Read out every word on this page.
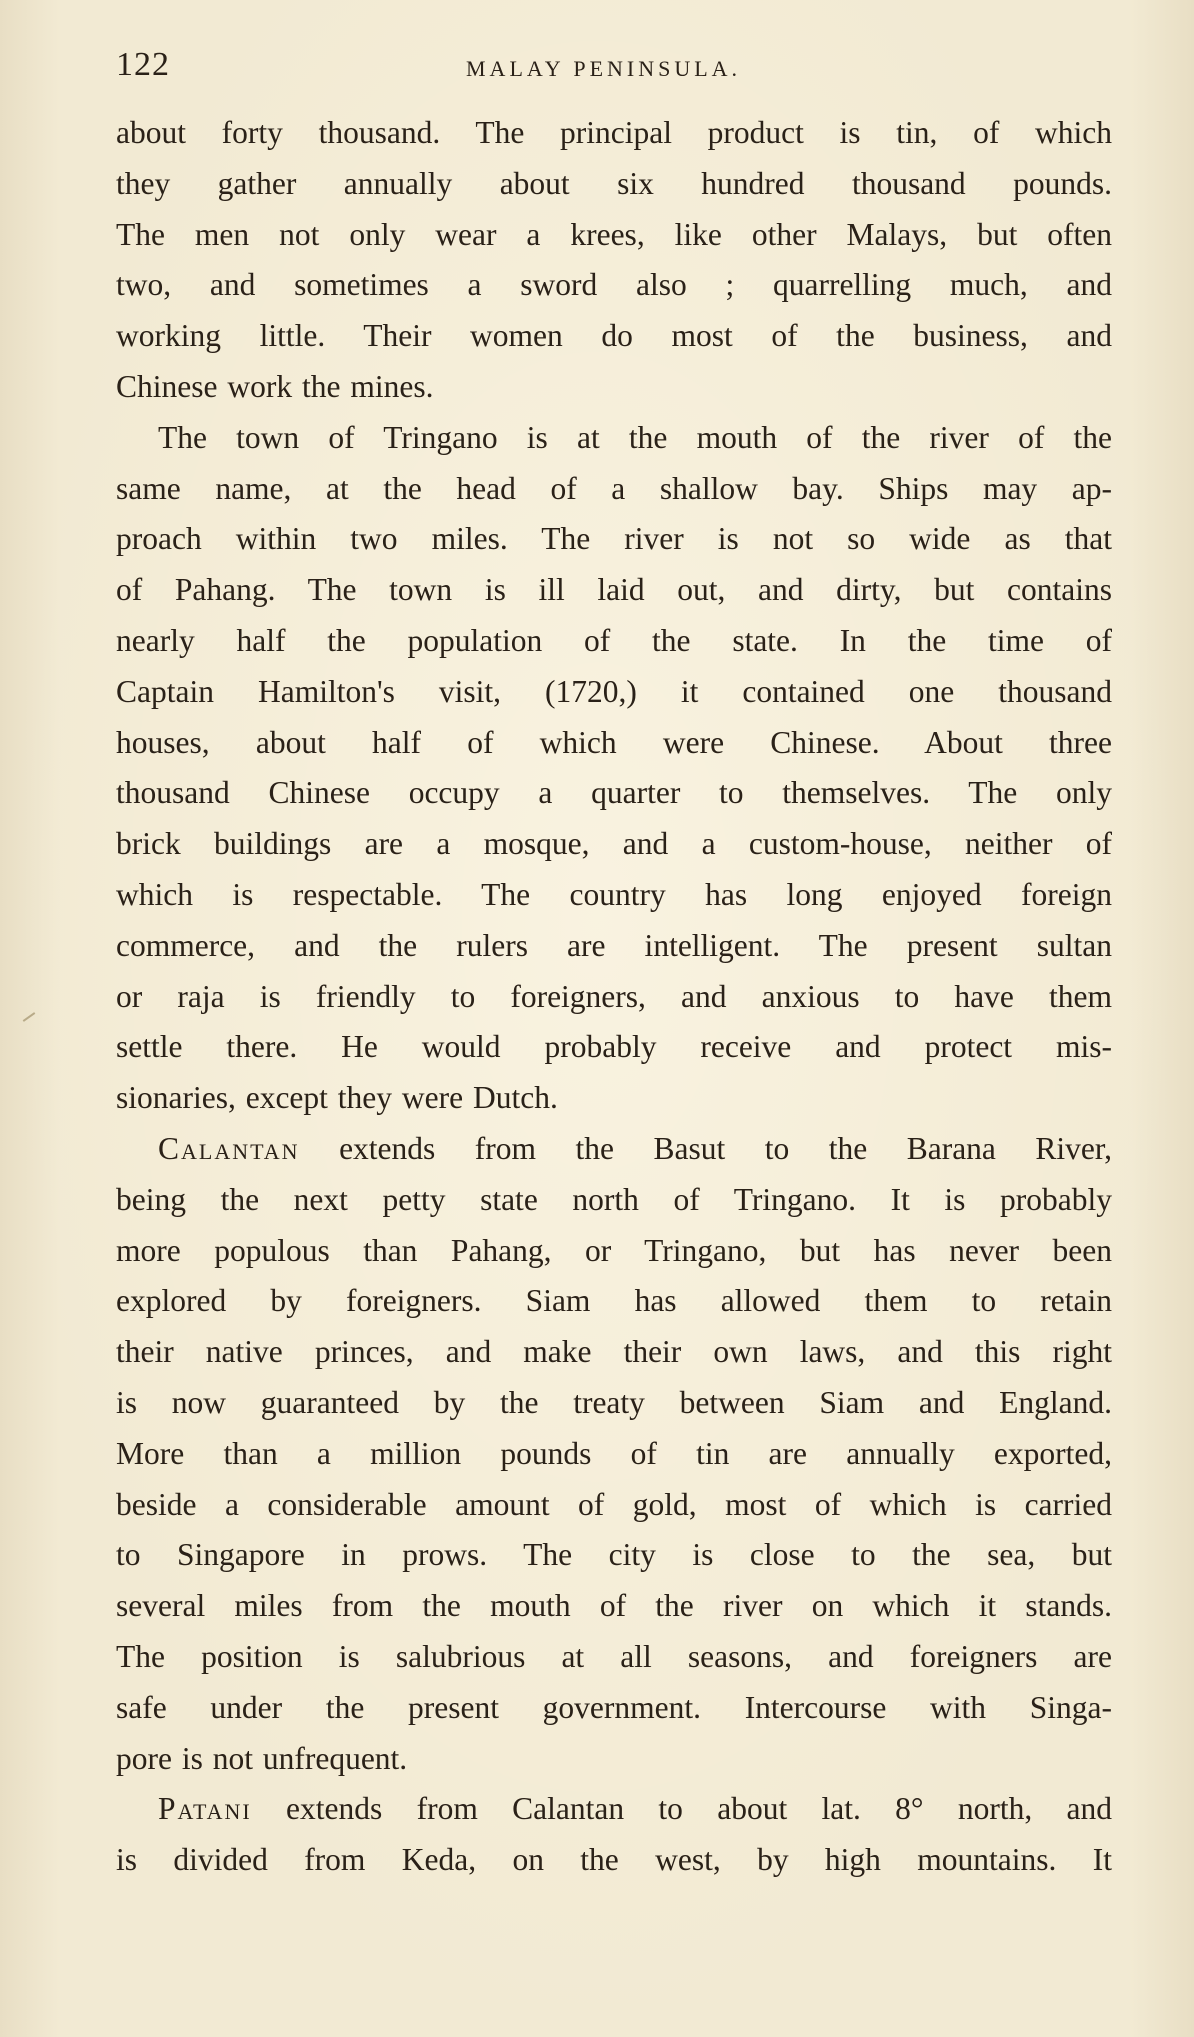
122	MALAY PENINSULA.

about forty thousand. The principal product is tin, of which
they gather annually about six hundred thousand pounds.
The men not only wear a krees, like other Malays, but often
two, and sometimes a sword also ; quarrelling much, and
working little. Their women do most of the business, and
Chinese work the mines.

The town of Tringano is at the mouth of the river of the
same name, at the head of a shallow bay. Ships may ap-
proach within two miles. The river is not so wide as that
of Pahang. The town is ill laid out, and dirty, but contains
nearly half the population of the state. In the time of
Captain Hamilton's visit, (1720,) it contained one thousand
houses, about half of which were Chinese. About three
thousand Chinese occupy a quarter to themselves. The only
brick buildings are a mosque, and a custom-house, neither of
which is respectable. The country has long enjoyed foreign
commerce, and the rulers are intelligent. The present sultan
or raja is friendly to foreigners, and anxious to have them
settle there. He would probably receive and protect mis-
sionaries, except they were Dutch.

Calantan extends from the Basut to the Barana River,
being the next petty state north of Tringano. It is probably
more populous than Pahang, or Tringano, but has never been
explored by foreigners. Siam has allowed them to retain
their native princes, and make their own laws, and this right
is now guaranteed by the treaty between Siam and England.
More than a million pounds of tin are annually exported,
beside a considerable amount of gold, most of which is carried
to Singapore in prows. The city is close to the sea, but
several miles from the mouth of the river on which it stands.
The position is salubrious at all seasons, and foreigners are
safe under the present government. Intercourse with Singa-
pore is not unfrequent.

Patani extends from Calantan to about lat. 8° north, and
is divided from Keda, on the west, by high mountains. It
